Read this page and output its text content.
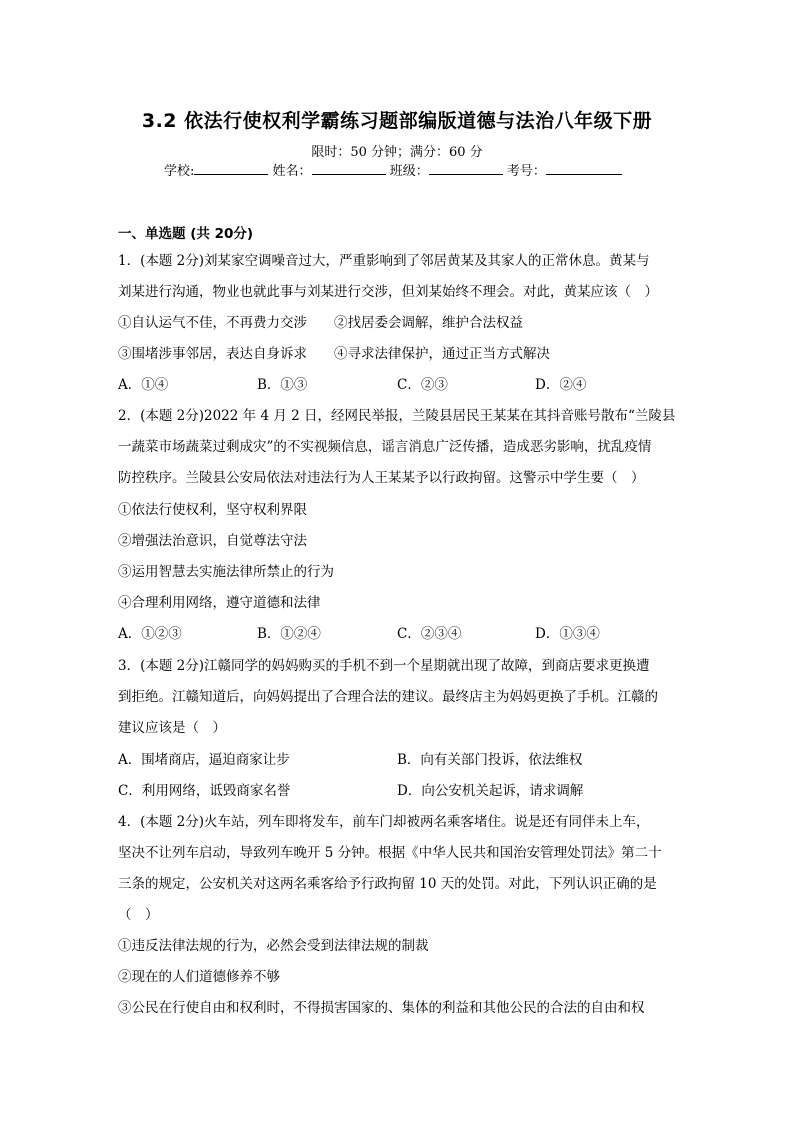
3.2 依法行使权利学霸练习题部编版道德与法治八年级下册
限时：50 分钟；满分：60 分
学校:	姓名：	班级：	考号：
一、单选题 (共 20分)
1．(本题 2分)刘某家空调噪音过大，严重影响到了邻居黄某及其家人的正常休息。黄某与
刘某进行沟通，物业也就此事与刘某进行交涉，但刘某始终不理会。对此，黄某应该（　）
①自认运气不佳，不再费力交涉　　②找居委会调解，维护合法权益
③围堵涉事邻居，表达自身诉求　　④寻求法律保护，通过正当方式解决
A．①④	B．①③	C．②③	D．②④
2．(本题 2分)2022 年 4 月 2 日，经网民举报，兰陵县居民王某某在其抖音账号散布“兰陵县
一蔬菜市场蔬菜过剩成灾”的不实视频信息，谣言消息广泛传播，造成恶劣影响，扰乱疫情
防控秩序。兰陵县公安局依法对违法行为人王某某予以行政拘留。这警示中学生要（　）
①依法行使权利，坚守权利界限
②增强法治意识，自觉尊法守法
③运用智慧去实施法律所禁止的行为
④合理利用网络，遵守道德和法律
A．①②③	B．①②④	C．②③④	D．①③④
3．(本题 2分)江赣同学的妈妈购买的手机不到一个星期就出现了故障，到商店要求更换遭
到拒绝。江赣知道后，向妈妈提出了合理合法的建议。最终店主为妈妈更换了手机。江赣的
建议应该是（　）
A．围堵商店，逼迫商家让步	B．向有关部门投诉，依法维权
C．利用网络，诋毁商家名誉	D．向公安机关起诉，请求调解
4．(本题 2分)火车站，列车即将发车，前车门却被两名乘客堵住。说是还有同伴未上车，
坚决不让列车启动，导致列车晚开 5 分钟。根据《中华人民共和国治安管理处罚法》第二十
三条的规定，公安机关对这两名乘客给予行政拘留 10 天的处罚。对此，下列认识正确的是
（　）
①违反法律法规的行为，必然会受到法律法规的制裁
②现在的人们道德修养不够
③公民在行使自由和权利时，不得损害国家的、集体的利益和其他公民的合法的自由和权
